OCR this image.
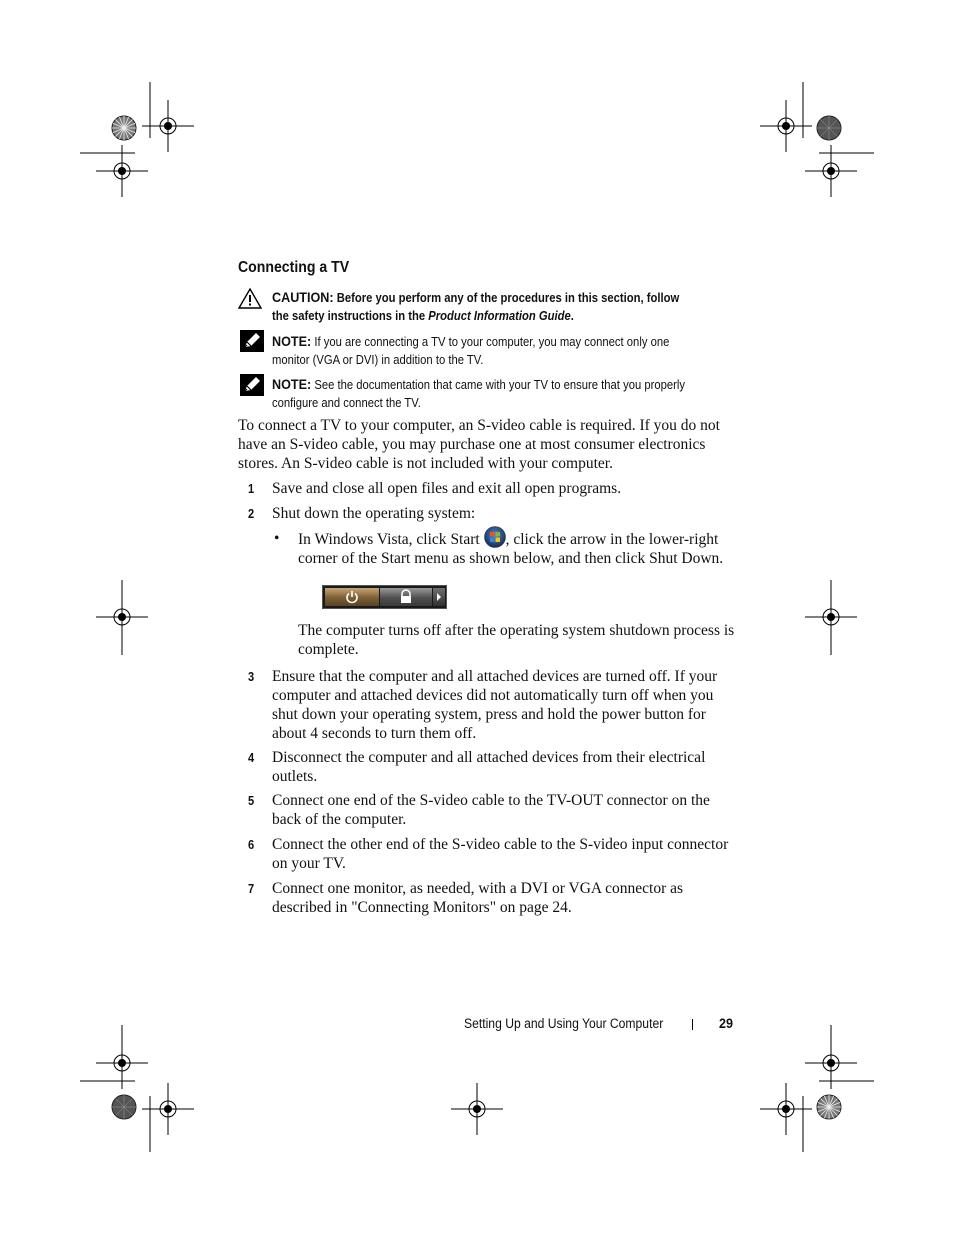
Connecting a TV
CAUTION: Before you perform any of the procedures in this section, follow the safety instructions in the Product Information Guide.
NOTE: If you are connecting a TV to your computer, you may connect only one monitor (VGA or DVI) in addition to the TV.
NOTE: See the documentation that came with your TV to ensure that you properly configure and connect the TV.
To connect a TV to your computer, an S-video cable is required. If you do not have an S-video cable, you may purchase one at most consumer electronics stores. An S-video cable is not included with your computer.
1 Save and close all open files and exit all open programs.
2 Shut down the operating system:
• In Windows Vista, click Start , click the arrow in the lower-right corner of the Start menu as shown below, and then click Shut Down.
The computer turns off after the operating system shutdown process is complete.
3 Ensure that the computer and all attached devices are turned off. If your computer and attached devices did not automatically turn off when you shut down your operating system, press and hold the power button for about 4 seconds to turn them off.
4 Disconnect the computer and all attached devices from their electrical outlets.
5 Connect one end of the S-video cable to the TV-OUT connector on the back of the computer.
6 Connect the other end of the S-video cable to the S-video input connector on your TV.
7 Connect one monitor, as needed, with a DVI or VGA connector as described in "Connecting Monitors" on page 24.
Setting Up and Using Your Computer	29
